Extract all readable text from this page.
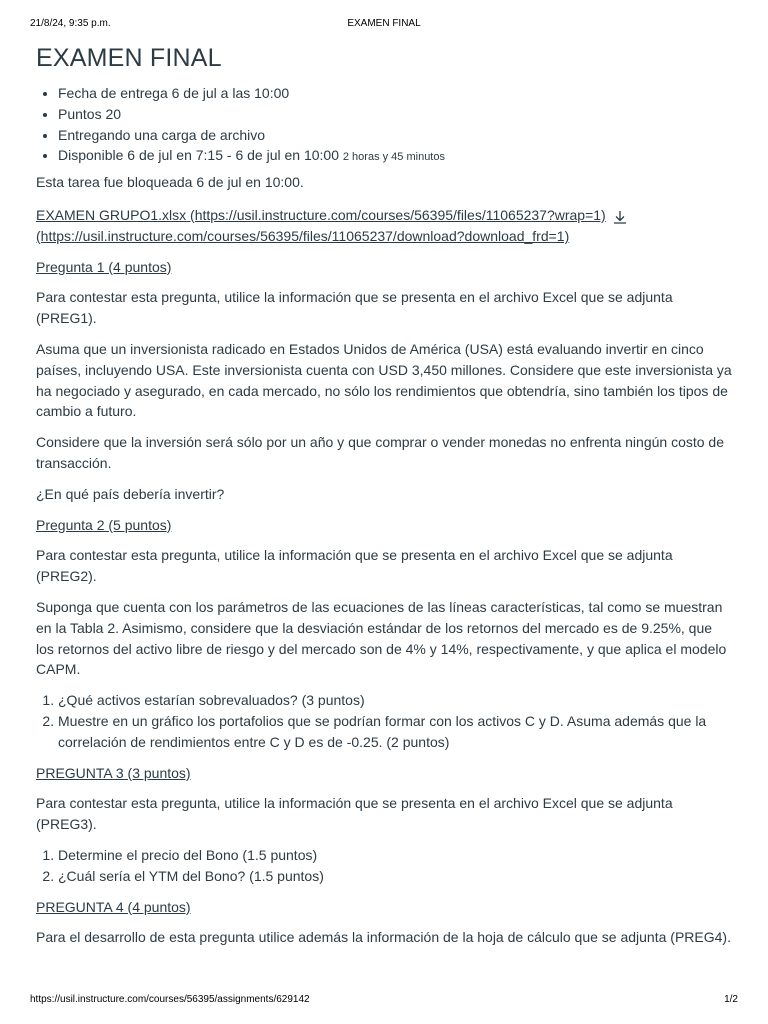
21/8/24, 9:35 p.m.	EXAMEN FINAL
EXAMEN FINAL
• Fecha de entrega 6 de jul a las 10:00
• Puntos 20
• Entregando una carga de archivo
• Disponible 6 de jul en 7:15 - 6 de jul en 10:00 2 horas y 45 minutos

Esta tarea fue bloqueada 6 de jul en 10:00.

EXAMEN GRUPO1.xlsx (https://usil.instructure.com/courses/56395/files/11065237?wrap=1)
(https://usil.instructure.com/courses/56395/files/11065237/download?download_frd=1)
Pregunta 1 (4 puntos)

Para contestar esta pregunta, utilice la información que se presenta en el archivo Excel que se adjunta (PREG1).

Asuma que un inversionista radicado en Estados Unidos de América (USA) está evaluando invertir en cinco países, incluyendo USA. Este inversionista cuenta con USD 3,450 millones. Considere que este inversionista ya ha negociado y asegurado, en cada mercado, no sólo los rendimientos que obtendría, sino también los tipos de cambio a futuro.

Considere que la inversión será sólo por un año y que comprar o vender monedas no enfrenta ningún costo de transacción.

¿En qué país debería invertir?

Pregunta 2 (5 puntos)

Para contestar esta pregunta, utilice la información que se presenta en el archivo Excel que se adjunta (PREG2).

Suponga que cuenta con los parámetros de las ecuaciones de las líneas características, tal como se muestran en la Tabla 2. Asimismo, considere que la desviación estándar de los retornos del mercado es de 9.25%, que los retornos del activo libre de riesgo y del mercado son de 4% y 14%, respectivamente, y que aplica el modelo CAPM.

1. ¿Qué activos estarían sobrevaluados? (3 puntos)
2. Muestre en un gráfico los portafolios que se podrían formar con los activos C y D. Asuma además que la correlación de rendimientos entre C y D es de -0.25. (2 puntos)
PREGUNTA 3 (3 puntos)

Para contestar esta pregunta, utilice la información que se presenta en el archivo Excel que se adjunta (PREG3).

1. Determine el precio del Bono (1.5 puntos)
2. ¿Cuál sería el YTM del Bono? (1.5 puntos)
PREGUNTA 4 (4 puntos)

Para el desarrollo de esta pregunta utilice además la información de la hoja de cálculo que se adjunta (PREG4).

https://usil.instructure.com/courses/56395/assignments/629142	1/2
